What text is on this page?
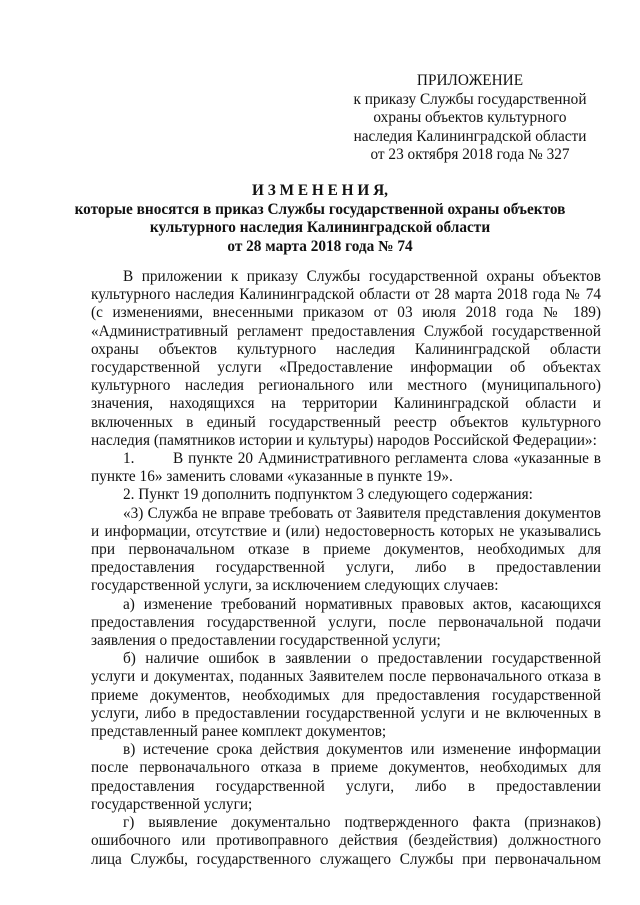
ПРИЛОЖЕНИЕ
к приказу Службы государственной
охраны объектов культурного
наследия Калининградской области
от 23 октября 2018 года № 327
И З М Е Н Е Н И Я,
которые вносятся в приказ Службы государственной охраны объектов
культурного наследия Калининградской области
от 28 марта 2018 года № 74

В приложении к приказу Службы государственной охраны объектов

культурного наследия Калининградской области от 28 марта 2018 года № 74

(с изменениями, внесенными приказом от 03 июля 2018 года № 189)

«Административный регламент предоставления Службой государственной

охраны объектов культурного наследия Калининградской области

государственной услуги «Предоставление информации об объектах

культурного наследия регионального или местного (муниципального)

значения, находящихся на территории Калининградской области и

включенных в единый государственный реестр объектов культурного

наследия (памятников истории и культуры) народов Российской Федерации»:

1.	В пункте 20 Административного регламента слова «указанные в

пункте 16» заменить словами «указанные в пункте 19».

2. Пункт 19 дополнить подпунктом 3 следующего содержания:

«3) Служба не вправе требовать от Заявителя представления документов

и информации, отсутствие и (или) недостоверность которых не указывались

при первоначальном отказе в приеме документов, необходимых для

предоставления государственной услуги, либо в предоставлении

государственной услуги, за исключением следующих случаев:

а) изменение требований нормативных правовых актов, касающихся

предоставления государственной услуги, после первоначальной подачи

заявления о предоставлении государственной услуги;

б) наличие ошибок в заявлении о предоставлении государственной

услуги и документах, поданных Заявителем после первоначального отказа в

приеме документов, необходимых для предоставления государственной

услуги, либо в предоставлении государственной услуги и не включенных в

представленный ранее комплект документов;

в) истечение срока действия документов или изменение информации

после первоначального отказа в приеме документов, необходимых для

предоставления государственной услуги, либо в предоставлении

государственной услуги;

г) выявление документально подтвержденного факта (признаков)

ошибочного или противоправного действия (бездействия) должностного

лица Службы, государственного служащего Службы при первоначальном
